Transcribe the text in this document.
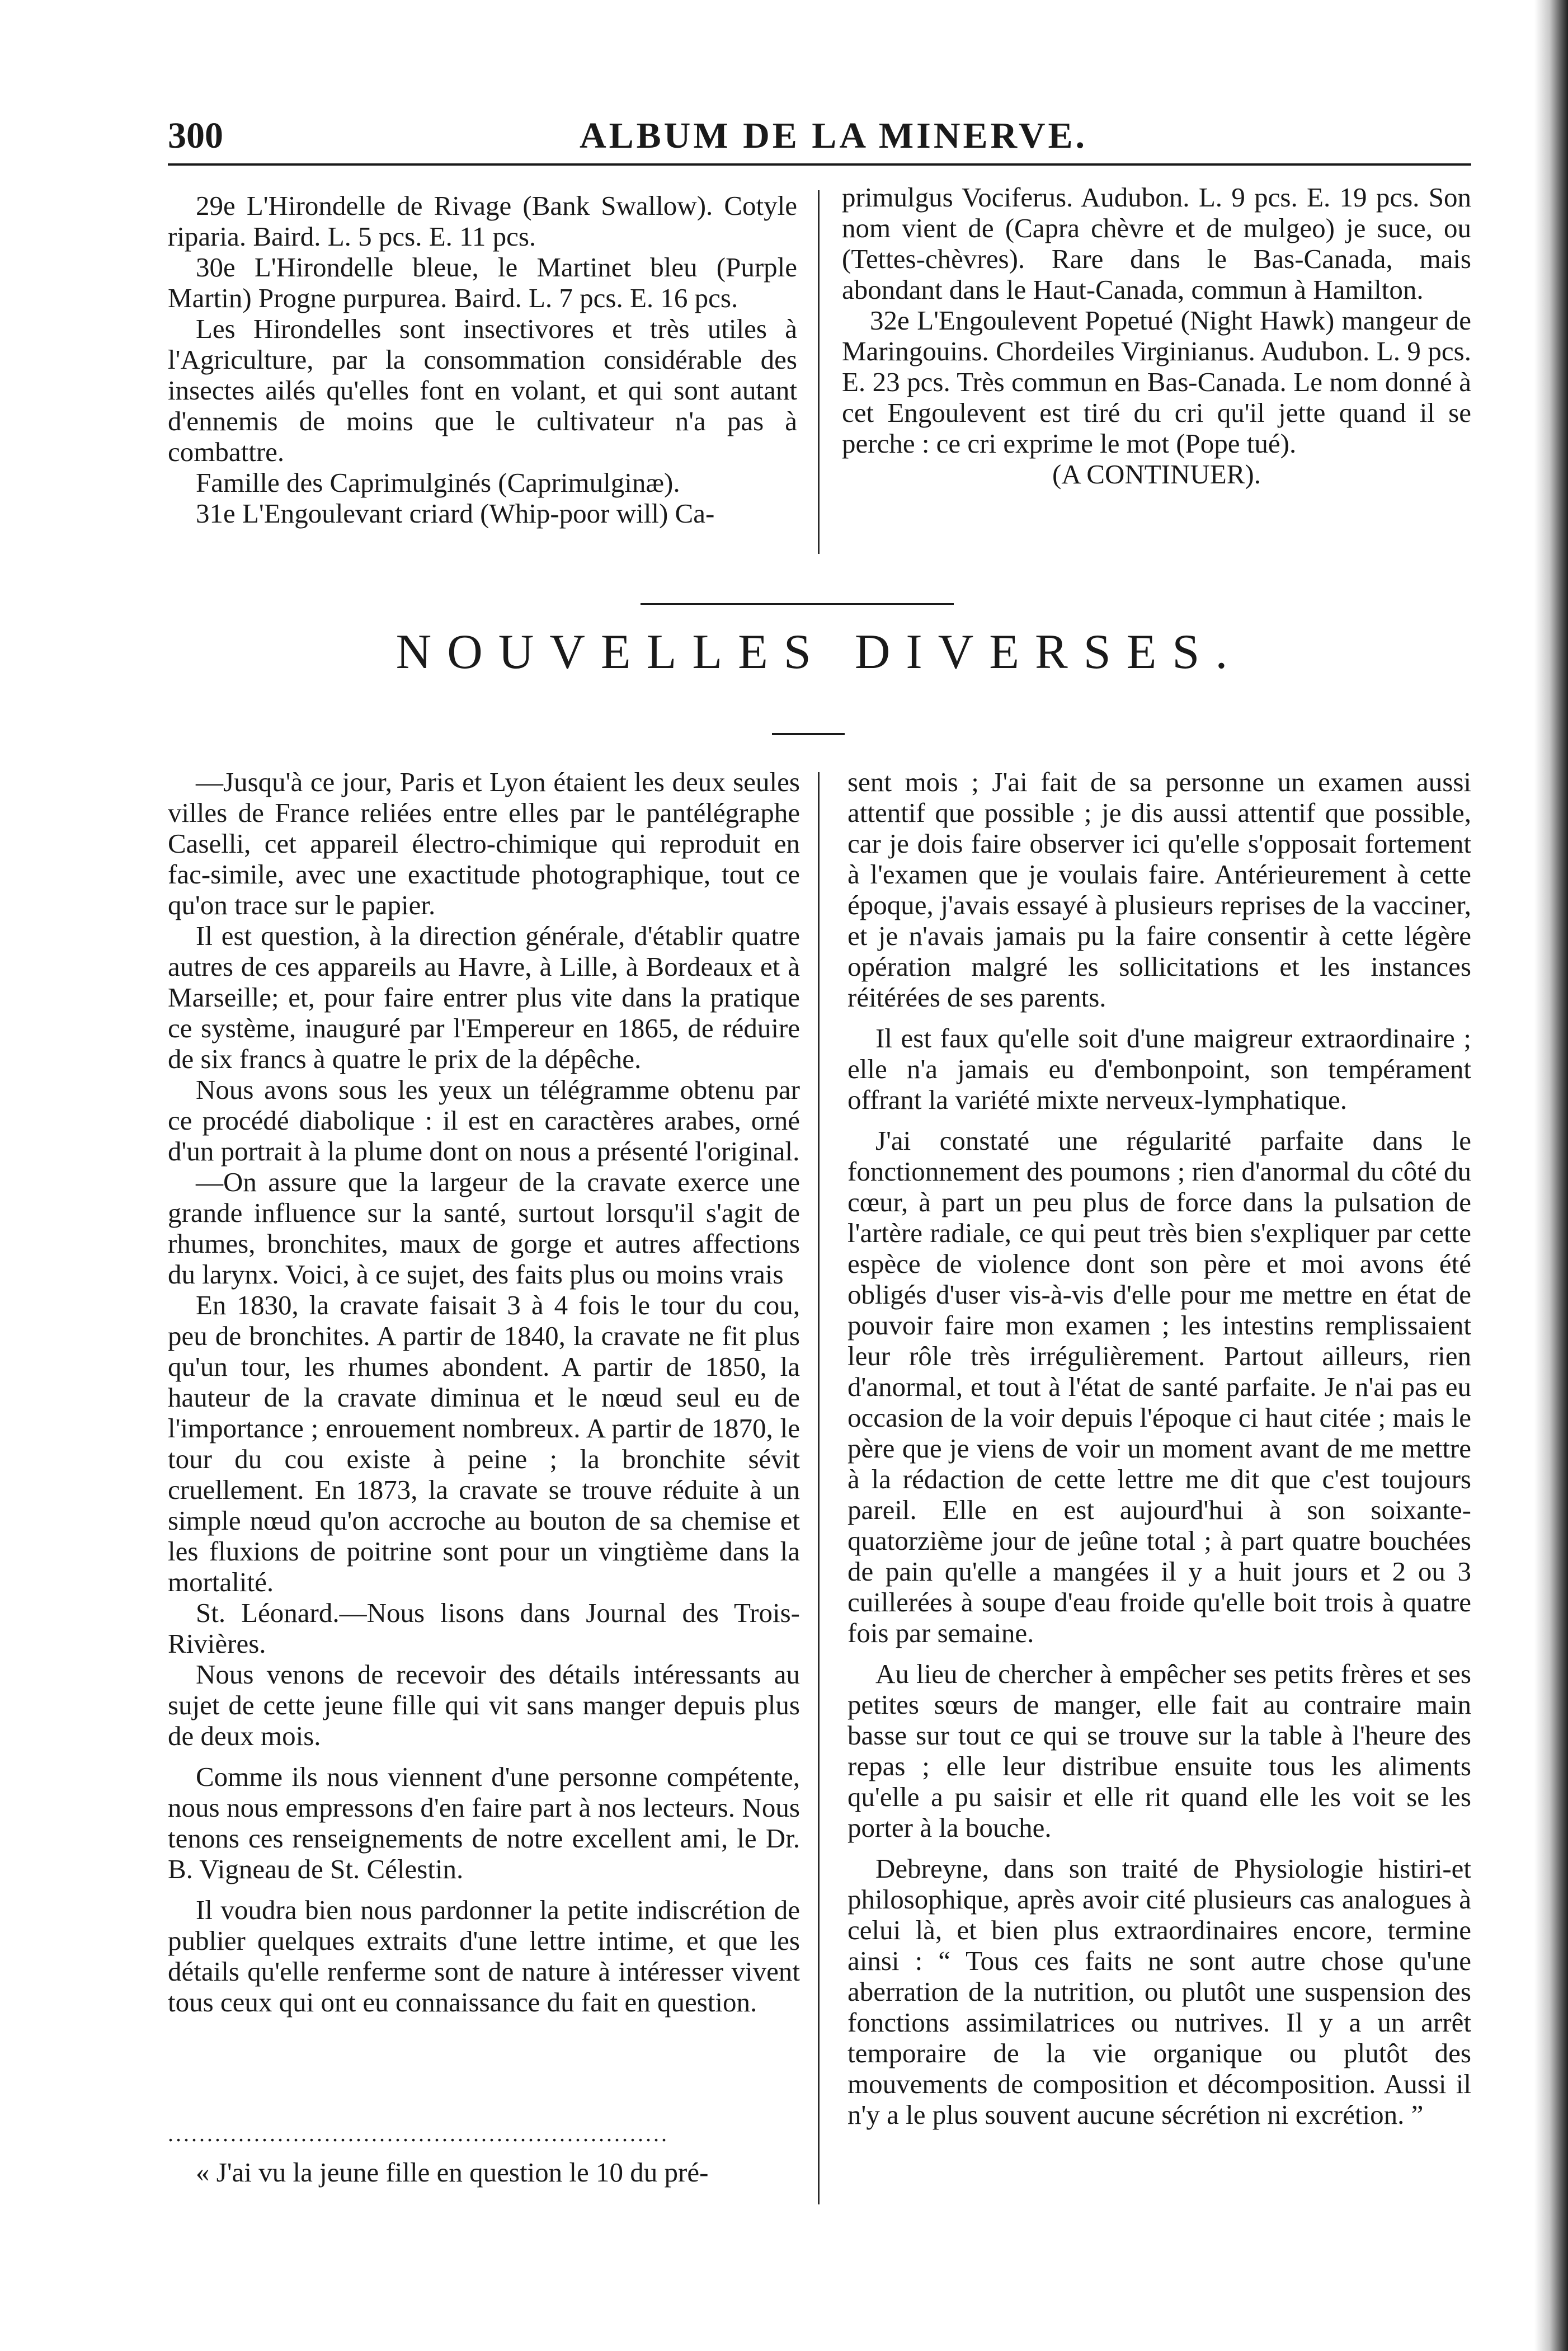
300	ALBUM DE LA MINERVE.

29e L'Hirondelle de Rivage (Bank Swallow). Cotyle riparia. Baird. L. 5 pcs. E. 11 pcs.

30e L'Hirondelle bleue, le Martinet bleu (Purple Martin) Progne purpurea. Baird. L. 7 pcs. E. 16 pcs.

Les Hirondelles sont insectivores et très utiles à l'Agriculture, par la consommation considérable des insectes ailés qu'elles font en volant, et qui sont autant d'ennemis de moins que le cultivateur n'a pas à combattre.

Famille des Caprimulginés (Caprimulginæ).

31e L'Engoulevant criard (Whip-poor will) Ca-

primulgus Vociferus. Audubon. L. 9 pcs. E. 19 pcs. Son nom vient de (Capra chèvre et de mulgeo) je suce, ou (Tettes-chèvres). Rare dans le Bas-Canada, mais abondant dans le Haut-Canada, commun à Hamilton.

32e L'Engoulevent Popetué (Night Hawk) mangeur de Maringouins. Chordeiles Virginianus. Audubon. L. 9 pcs. E. 23 pcs. Très commun en Bas-Canada. Le nom donné à cet Engoulevent est tiré du cri qu'il jette quand il se perche : ce cri exprime le mot (Pope tué).

(A CONTINUER).

NOUVELLES DIVERSES.

—Jusqu'à ce jour, Paris et Lyon étaient les deux seules villes de France reliées entre elles par le pantélégraphe Caselli, cet appareil électro-chimique qui reproduit en fac-simile, avec une exactitude photographique, tout ce qu'on trace sur le papier.

Il est question, à la direction générale, d'établir quatre autres de ces appareils au Havre, à Lille, à Bordeaux et à Marseille; et, pour faire entrer plus vite dans la pratique ce système, inauguré par l'Empereur en 1865, de réduire de six francs à quatre le prix de la dépêche.

Nous avons sous les yeux un télégramme obtenu par ce procédé diabolique : il est en caractères arabes, orné d'un portrait à la plume dont on nous a présenté l'original.

—On assure que la largeur de la cravate exerce une grande influence sur la santé, surtout lorsqu'il s'agit de rhumes, bronchites, maux de gorge et autres affections du larynx. Voici, à ce sujet, des faits plus ou moins vrais

En 1830, la cravate faisait 3 à 4 fois le tour du cou, peu de bronchites. A partir de 1840, la cravate ne fit plus qu'un tour, les rhumes abondent. A partir de 1850, la hauteur de la cravate diminua et le nœud seul eu de l'importance ; enrouement nombreux. A partir de 1870, le tour du cou existe à peine ; la bronchite sévit cruellement. En 1873, la cravate se trouve réduite à un simple nœud qu'on accroche au bouton de sa chemise et les fluxions de poitrine sont pour un vingtième dans la mortalité.

St. Léonard.—Nous lisons dans Journal des Trois-Rivières.

Nous venons de recevoir des détails intéressants au sujet de cette jeune fille qui vit sans manger depuis plus de deux mois.

Comme ils nous viennent d'une personne compétente, nous nous empressons d'en faire part à nos lecteurs. Nous tenons ces renseignements de notre excellent ami, le Dr. B. Vigneau de St. Célestin.

Il voudra bien nous pardonner la petite indiscrétion de publier quelques extraits d'une lettre intime, et que les détails qu'elle renferme sont de nature à intéresser vivent tous ceux qui ont eu connaissance du fait en question.

................................................................

« J'ai vu la jeune fille en question le 10 du pré-

sent mois ; J'ai fait de sa personne un examen aussi attentif que possible ; je dis aussi attentif que possible, car je dois faire observer ici qu'elle s'opposait fortement à l'examen que je voulais faire. Antérieurement à cette époque, j'avais essayé à plusieurs reprises de la vacciner, et je n'avais jamais pu la faire consentir à cette légère opération malgré les sollicitations et les instances réitérées de ses parents.

Il est faux qu'elle soit d'une maigreur extraordinaire ; elle n'a jamais eu d'embonpoint, son tempérament offrant la variété mixte nerveux-lymphatique.

J'ai constaté une régularité parfaite dans le fonctionnement des poumons ; rien d'anormal du côté du cœur, à part un peu plus de force dans la pulsation de l'artère radiale, ce qui peut très bien s'expliquer par cette espèce de violence dont son père et moi avons été obligés d'user vis-à-vis d'elle pour me mettre en état de pouvoir faire mon examen ; les intestins remplissaient leur rôle très irrégulièrement. Partout ailleurs, rien d'anormal, et tout à l'état de santé parfaite. Je n'ai pas eu occasion de la voir depuis l'époque ci haut citée ; mais le père que je viens de voir un moment avant de me mettre à la rédaction de cette lettre me dit que c'est toujours pareil. Elle en est aujourd'hui à son soixante-quatorzième jour de jeûne total ; à part quatre bouchées de pain qu'elle a mangées il y a huit jours et 2 ou 3 cuillerées à soupe d'eau froide qu'elle boit trois à quatre fois par semaine.

Au lieu de chercher à empêcher ses petits frères et ses petites sœurs de manger, elle fait au contraire main basse sur tout ce qui se trouve sur la table à l'heure des repas ; elle leur distribue ensuite tous les aliments qu'elle a pu saisir et elle rit quand elle les voit se les porter à la bouche.

Debreyne, dans son traité de Physiologie histiri-et philosophique, après avoir cité plusieurs cas analogues à celui là, et bien plus extraordinaires encore, termine ainsi : “ Tous ces faits ne sont autre chose qu'une aberration de la nutrition, ou plutôt une suspension des fonctions assimilatrices ou nutrives. Il y a un arrêt temporaire de la vie organique ou plutôt des mouvements de composition et décomposition. Aussi il n'y a le plus souvent aucune sécrétion ni excrétion. ”
